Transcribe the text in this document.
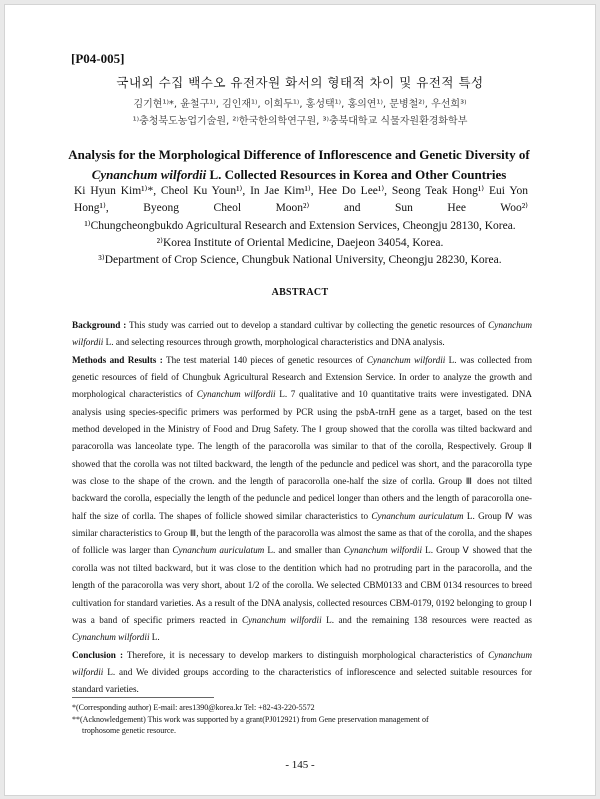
[P04-005]
국내외 수집 백수오 유전자원 화서의 형태적 차이 및 유전적 특성
김기현¹⁾*, 윤철구¹⁾, 김인재¹⁾, 이희두¹⁾, 홍성택¹⁾, 홍의연¹⁾, 문병철²⁾, 우선희³⁾
¹⁾충청북도농업기술원, ²⁾한국한의학연구원, ³⁾충북대학교 식물자원환경화학부
Analysis for the Morphological Difference of Inflorescence and Genetic Diversity of Cynanchum wilfordii L. Collected Resources in Korea and Other Countries
Ki Hyun Kim¹⁾*, Cheol Ku Youn¹⁾, In Jae Kim¹⁾, Hee Do Lee¹⁾, Seong Teak Hong¹⁾ Eui Yon Hong¹⁾, Byeong Cheol Moon²⁾ and Sun Hee Woo²⁾
¹⁾Chungcheongbukdo Agricultural Research and Extension Services, Cheongju 28130, Korea.
²⁾Korea Institute of Oriental Medicine, Daejeon 34054, Korea.
³⁾Department of Crop Science, Chungbuk National University, Cheongju 28230, Korea.
ABSTRACT

Background : This study was carried out to develop a standard cultivar by collecting the genetic resources of Cynanchum wilfordii L. and selecting resources through growth, morphological characteristics and DNA analysis.

Methods and Results : The test material 140 pieces of genetic resources of Cynanchum wilfordii L. was collected from genetic resources of field of Chungbuk Agricultural Research and Extension Service. In order to analyze the growth and morphological characteristics of Cynanchum wilfordii L. 7 qualitative and 10 quantitative traits were investigated. DNA analysis using species-specific primers was performed by PCR using the psbA-trnH gene as a target, based on the test method developed in the Ministry of Food and Drug Safety. The Ⅰ group showed that the corolla was tilted backward and paracorolla was lanceolate type. The length of the paracorolla was similar to that of the corolla, Respectively. Group Ⅱ showed that the corolla was not tilted backward, the length of the peduncle and pedicel was short, and the paracorolla type was close to the shape of the crown. and the length of paracorolla one-half the size of corlla. Group Ⅲ does not tilted backward the corolla, especially the length of the peduncle and pedicel longer than others and the length of paracorolla one-half the size of corlla. The shapes of follicle showed similar characteristics to Cynanchum auriculatum L. Group Ⅳ was similar characteristics to Group Ⅲ, but the length of the paracorolla was almost the same as that of the corolla, and the shapes of follicle was larger than Cynanchum auriculatum L. and smaller than Cynanchum wilfordii L. Group Ⅴ showed that the corolla was not tilted backward, but it was close to the dentition which had no protruding part in the paracorolla, and the length of the paracorolla was very short, about 1/2 of the corolla. We selected CBM0133 and CBM 0134 resources to breed cultivation for standard varieties. As a result of the DNA analysis, collected resources CBM-0179, 0192 belonging to group Ⅰ was a band of specific primers reacted in Cynanchum wilfordii L. and the remaining 138 resources were reacted as Cynanchum wilfordii L.

Conclusion : Therefore, it is necessary to develop markers to distinguish morphological characteristics of Cynanchum wilfordii L. and We divided groups according to the characteristics of inflorescence and selected suitable resources for standard varieties.

*(Corresponding author) E-mail: ares1390@korea.kr Tel: +82-43-220-5572
**(Acknowledgement) This work was supported by a grant(PJ012921) from Gene preservation management of
trophosome genetic resource.
- 145 -
